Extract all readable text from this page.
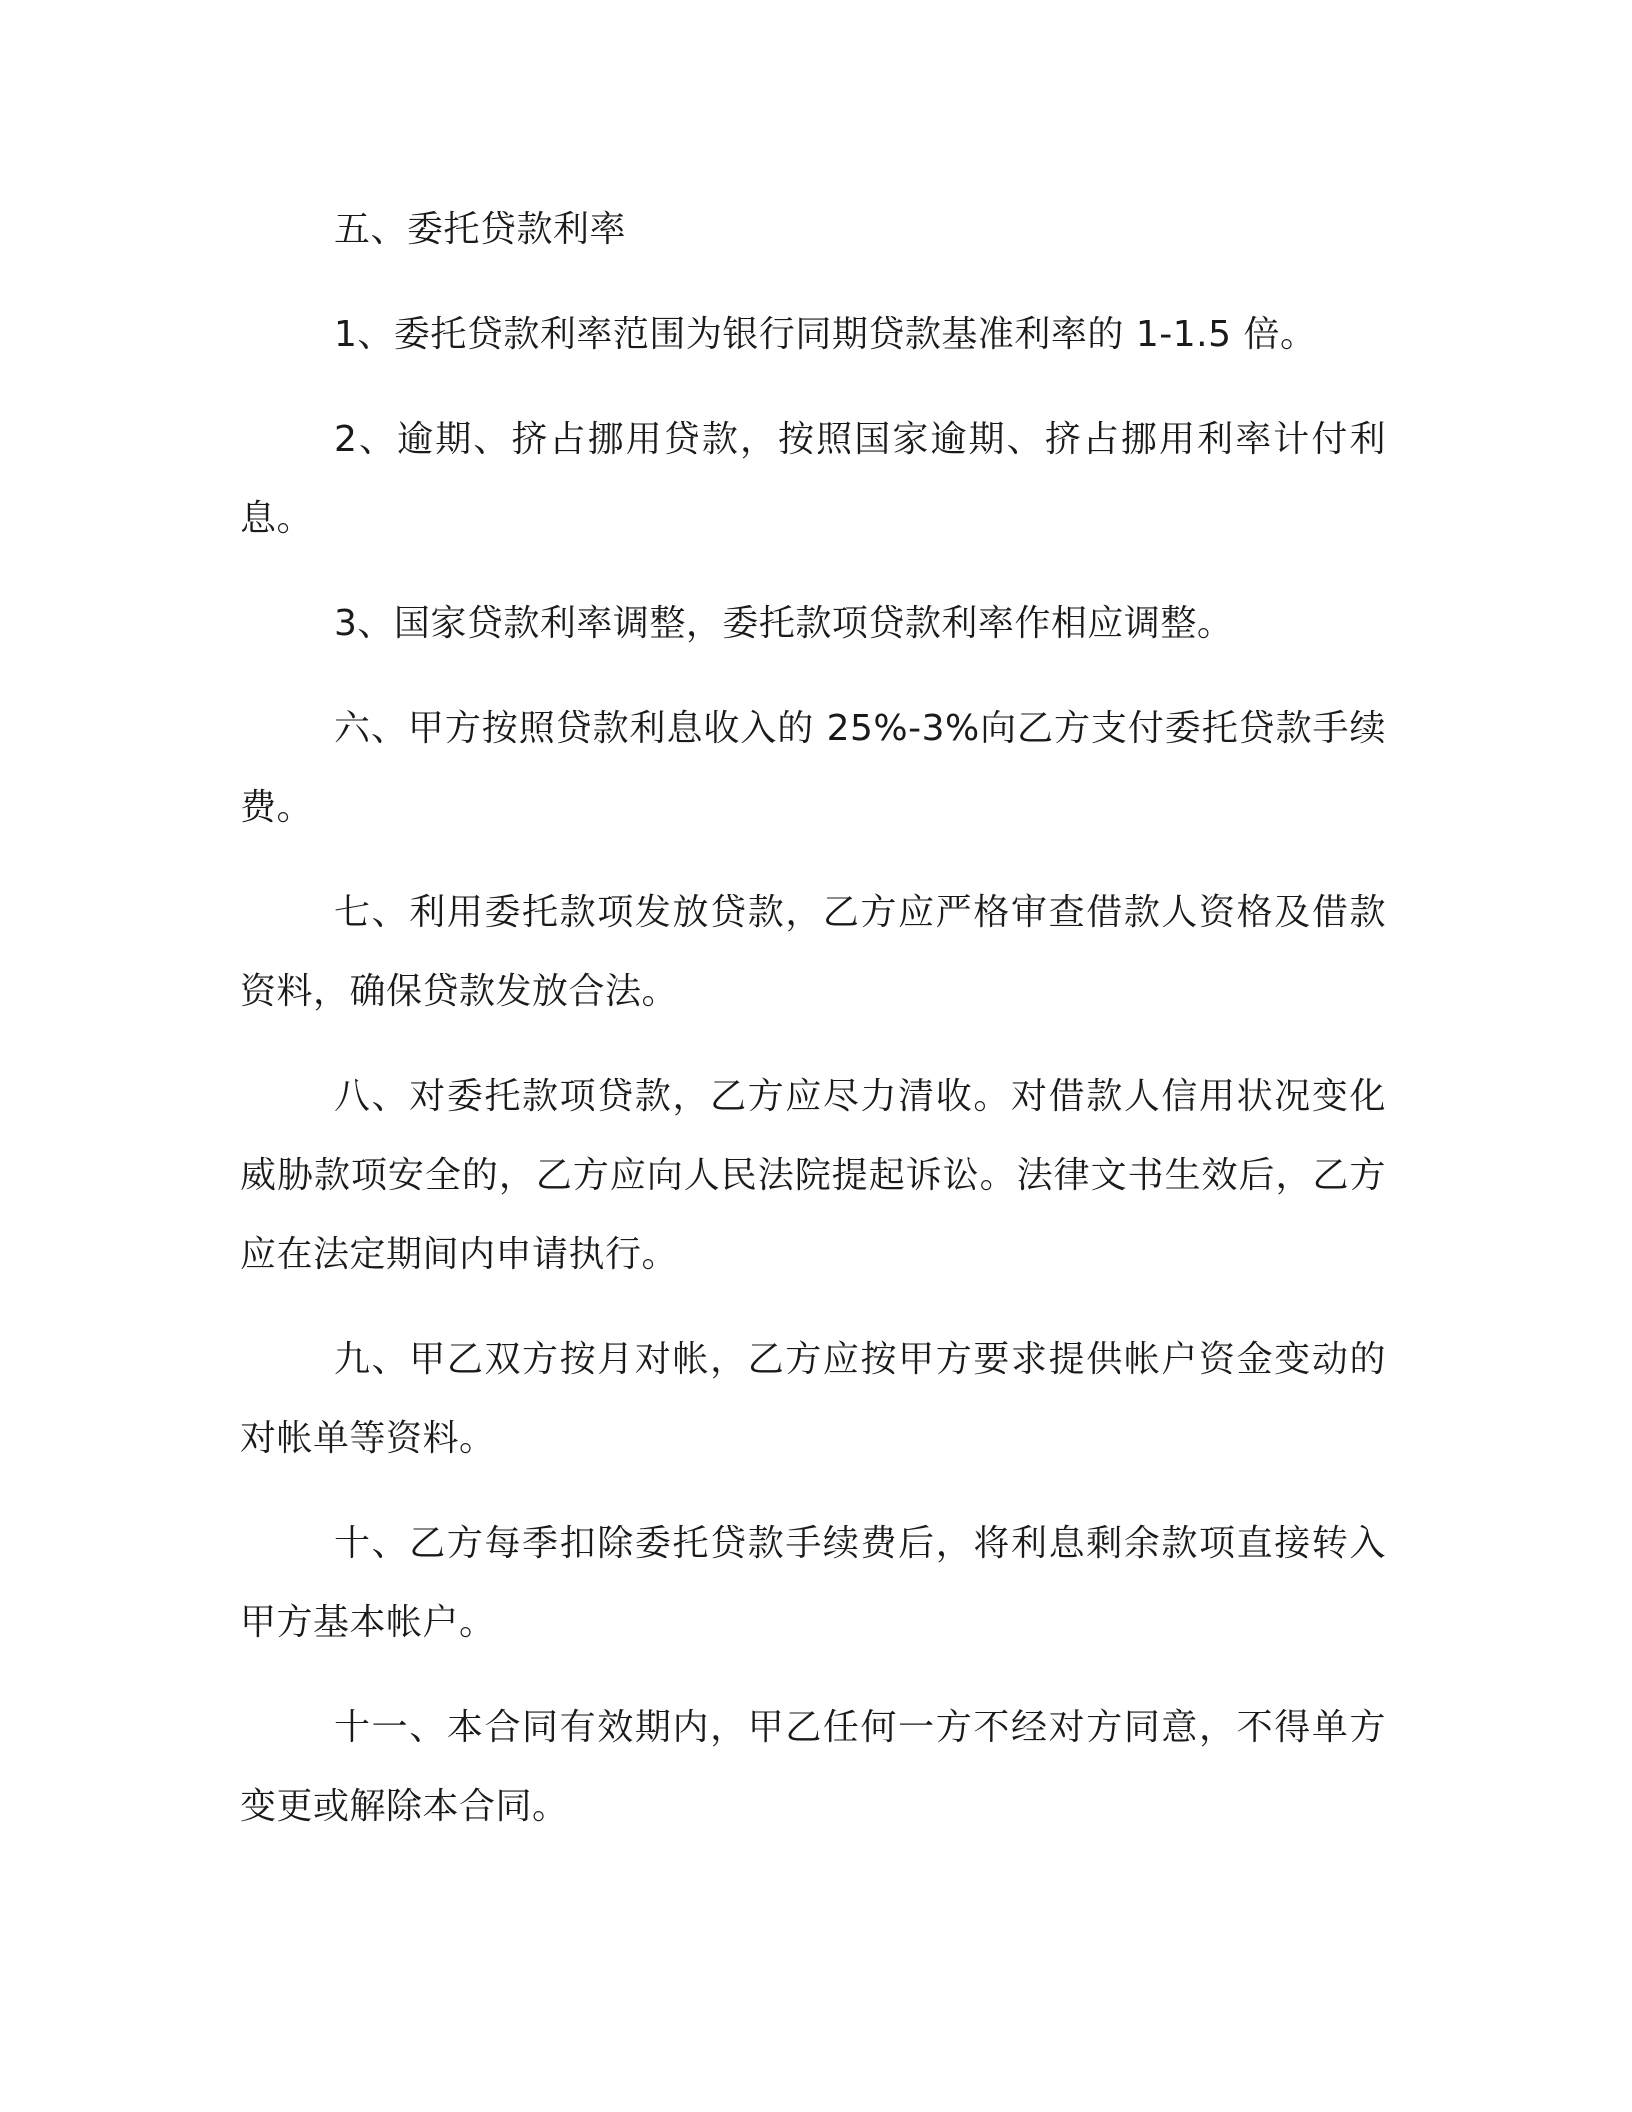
五、委托贷款利率

1、委托贷款利率范围为银行同期贷款基准利率的 1-1.5 倍。

2、逾期、挤占挪用贷款，按照国家逾期、挤占挪用利率计付利息。

3、国家贷款利率调整，委托款项贷款利率作相应调整。

六、甲方按照贷款利息收入的 25%-3%向乙方支付委托贷款手续费。

七、利用委托款项发放贷款，乙方应严格审查借款人资格及借款资料，确保贷款发放合法。

八、对委托款项贷款，乙方应尽力清收。对借款人信用状况变化威胁款项安全的，乙方应向人民法院提起诉讼。法律文书生效后，乙方应在法定期间内申请执行。

九、甲乙双方按月对帐，乙方应按甲方要求提供帐户资金变动的对帐单等资料。

十、乙方每季扣除委托贷款手续费后，将利息剩余款项直接转入甲方基本帐户。

十一、本合同有效期内，甲乙任何一方不经对方同意，不得单方变更或解除本合同。
